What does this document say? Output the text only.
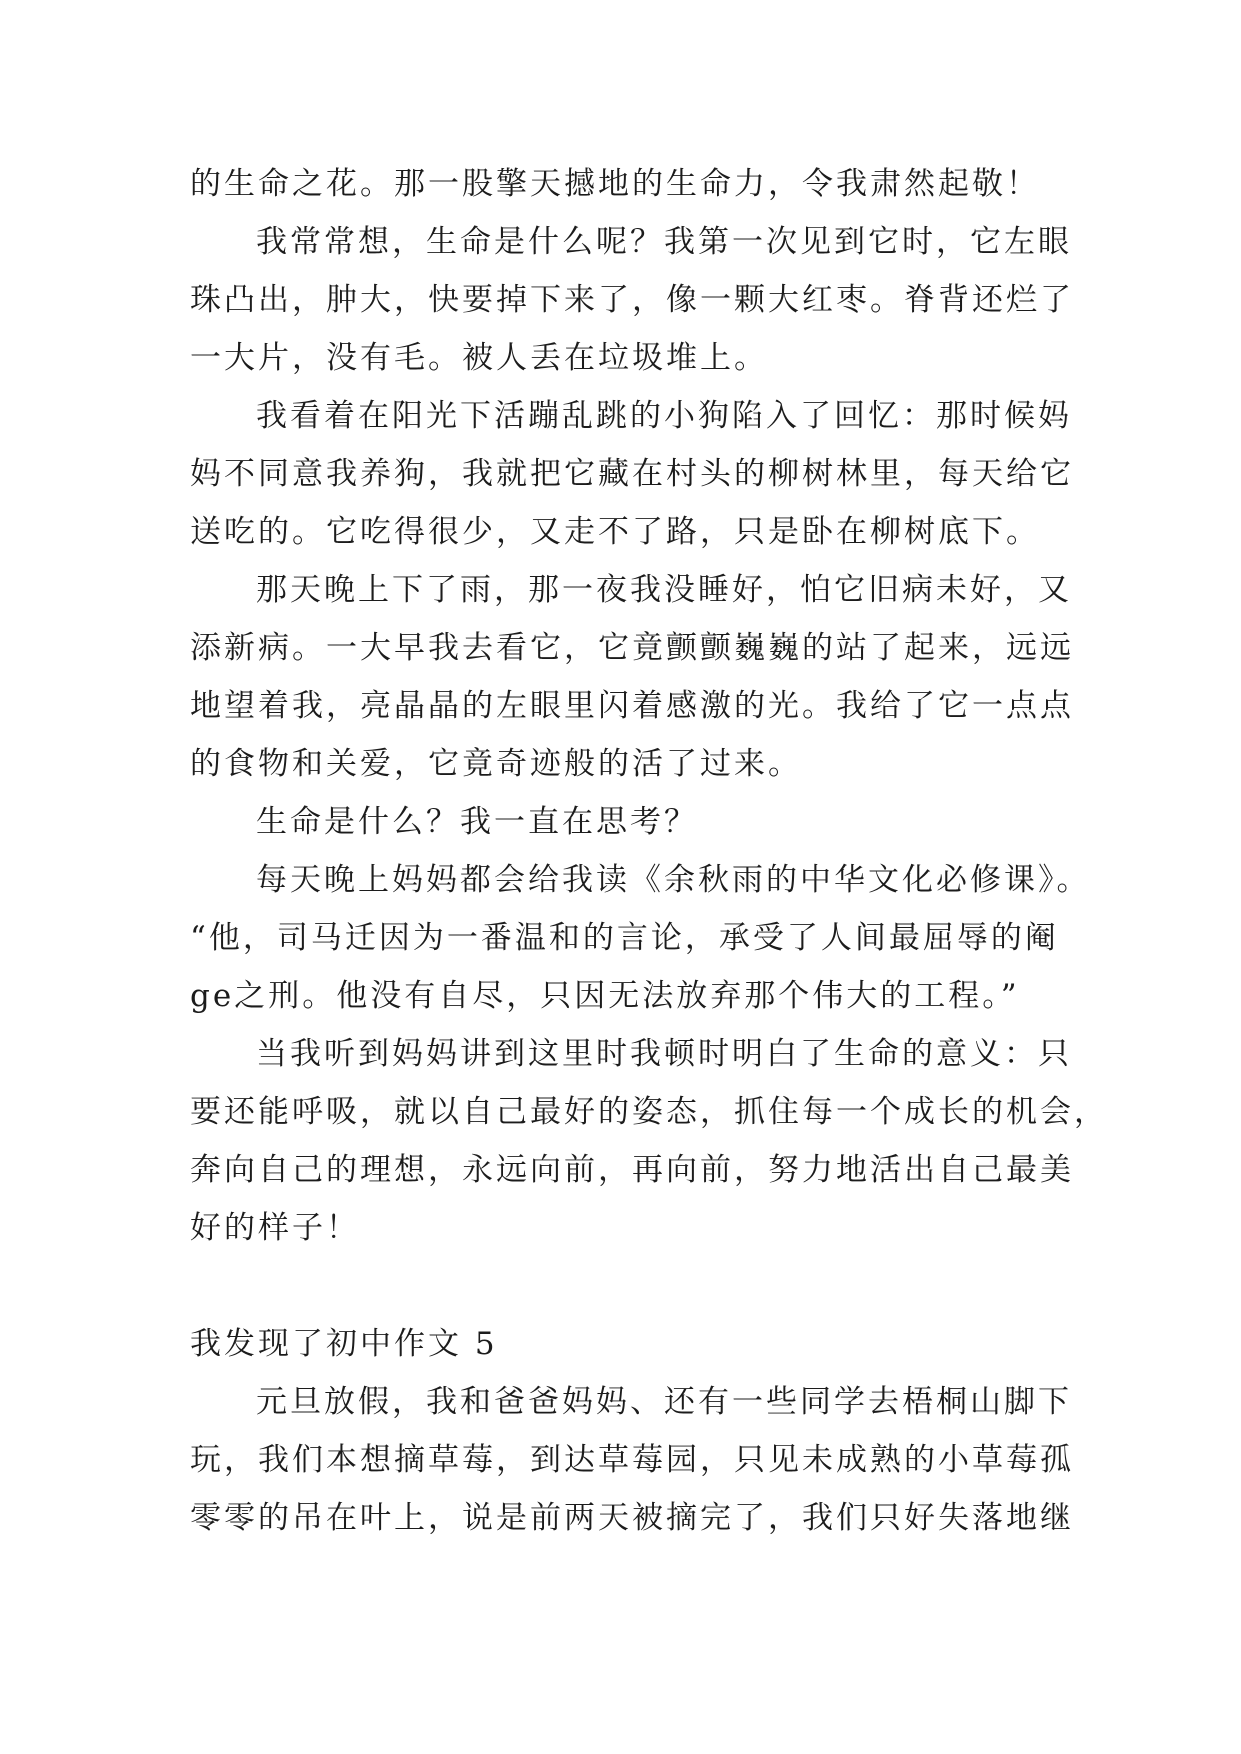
的生命之花。那一股擎天撼地的生命力，令我肃然起敬！
我常常想，生命是什么呢？我第一次见到它时，它左眼
珠凸出，肿大，快要掉下来了，像一颗大红枣。脊背还烂了
一大片，没有毛。被人丢在垃圾堆上。
我看着在阳光下活蹦乱跳的小狗陷入了回忆：那时候妈
妈不同意我养狗，我就把它藏在村头的柳树林里，每天给它
送吃的。它吃得很少，又走不了路，只是卧在柳树底下。
那天晚上下了雨，那一夜我没睡好，怕它旧病未好，又
添新病。一大早我去看它，它竟颤颤巍巍的站了起来，远远
地望着我，亮晶晶的左眼里闪着感激的光。我给了它一点点
的食物和关爱，它竟奇迹般的活了过来。
生命是什么？我一直在思考？
每天晚上妈妈都会给我读《余秋雨的中华文化必修课》。
“他，司马迁因为一番温和的言论，承受了人间最屈辱的阉
ge之刑。他没有自尽，只因无法放弃那个伟大的工程。”
当我听到妈妈讲到这里时我顿时明白了生命的意义：只
要还能呼吸，就以自己最好的姿态，抓住每一个成长的机会，
奔向自己的理想，永远向前，再向前，努力地活出自己最美
好的样子！
我发现了初中作文 5
元旦放假，我和爸爸妈妈、还有一些同学去梧桐山脚下
玩，我们本想摘草莓，到达草莓园，只见未成熟的小草莓孤
零零的吊在叶上，说是前两天被摘完了，我们只好失落地继
